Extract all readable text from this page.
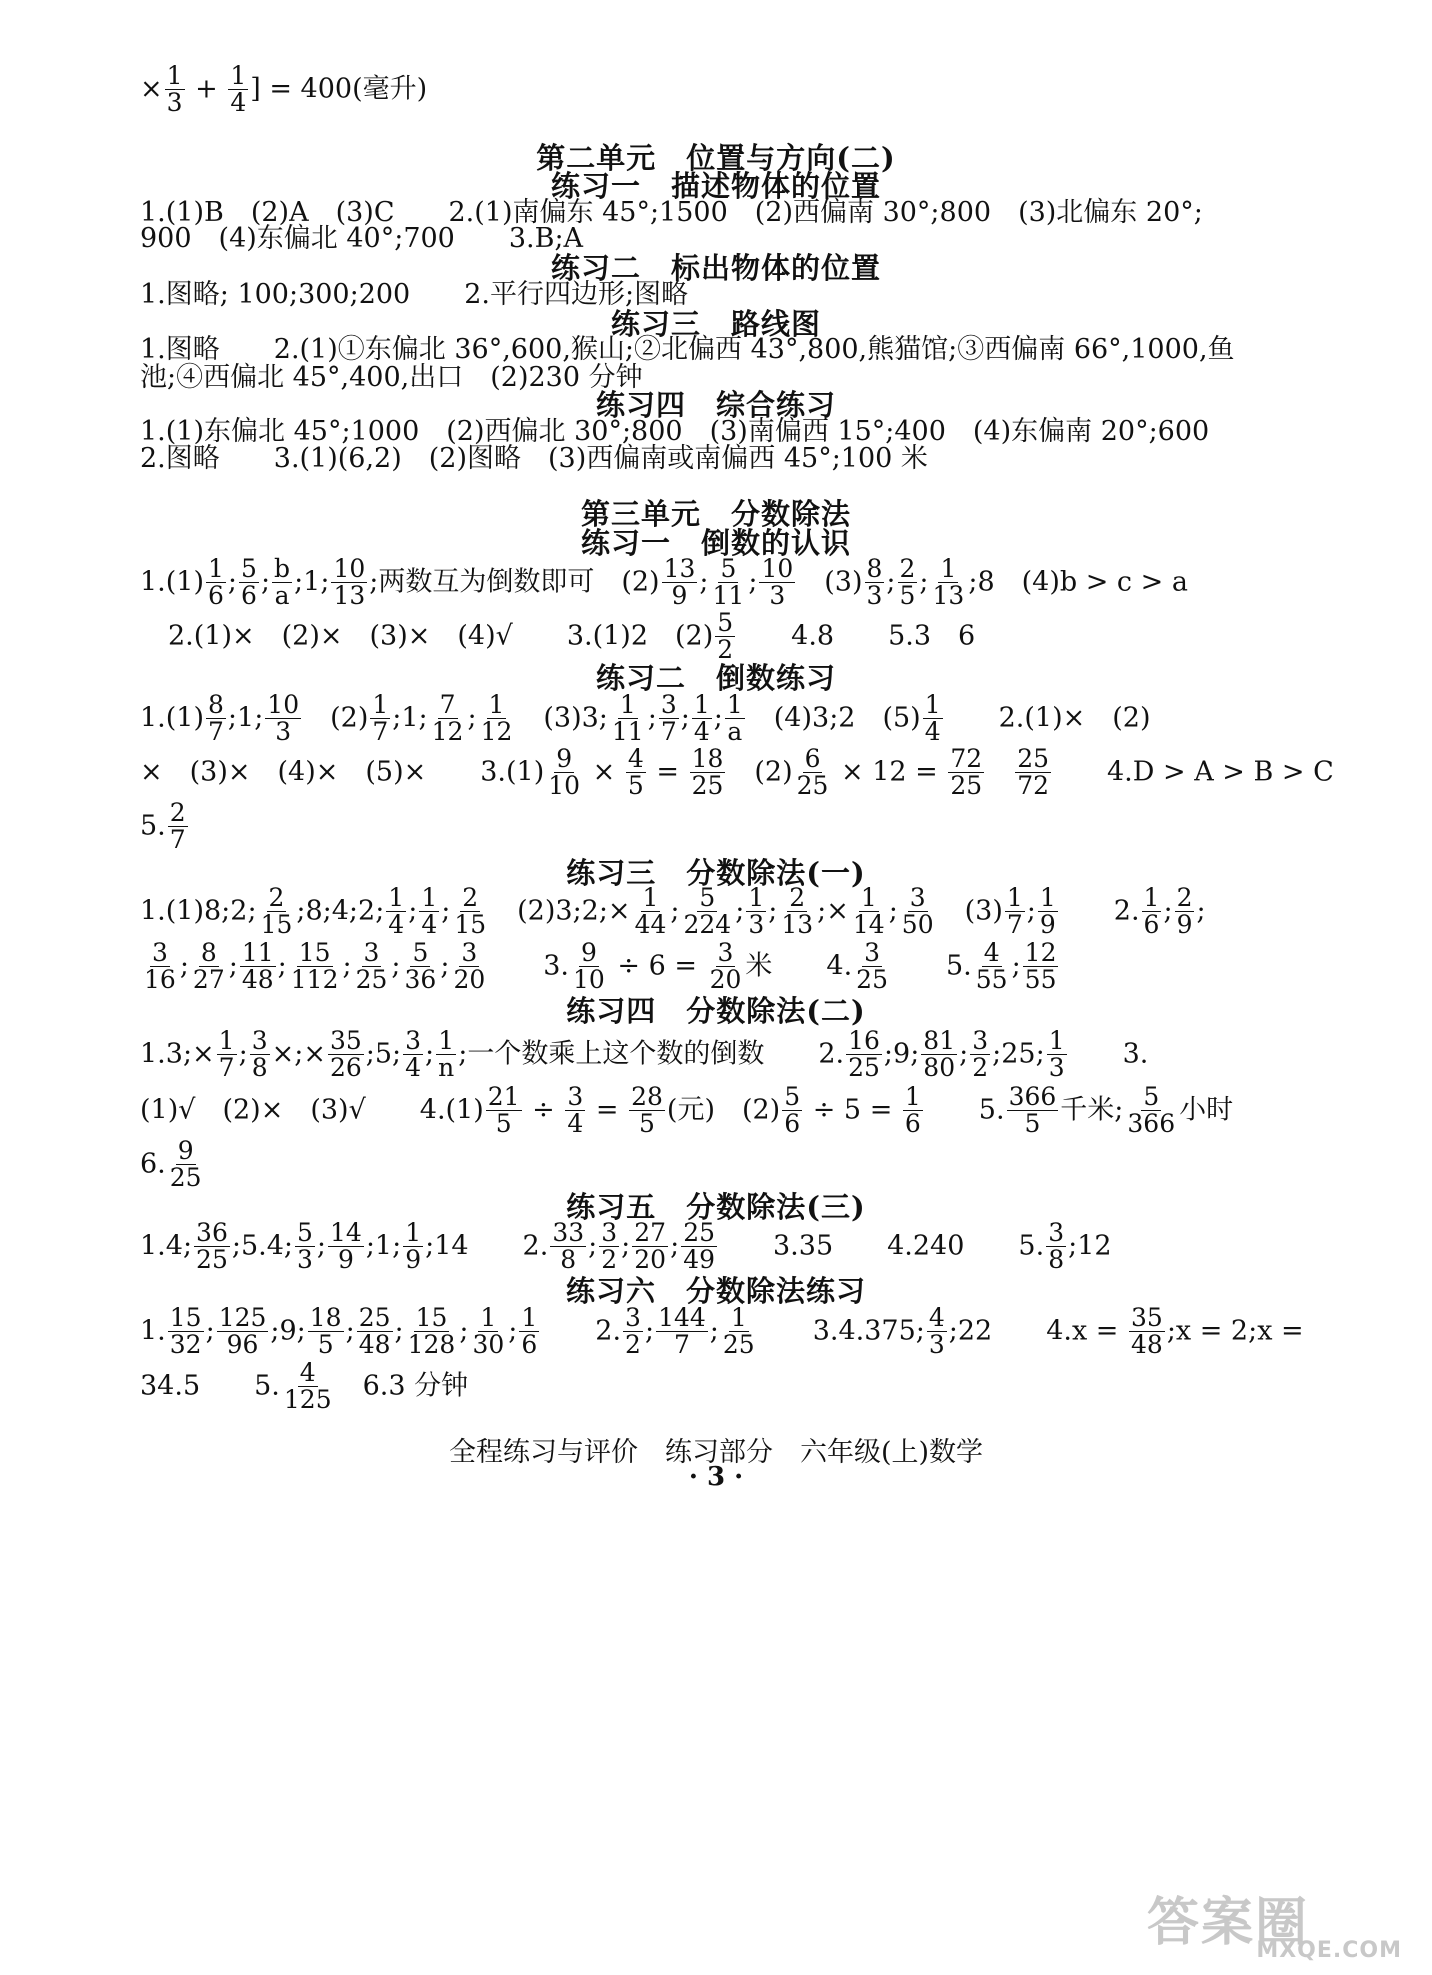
× $\frac{1}{3} + \frac{1}{4}$ ] = 400(毫升)
第二单元　位置与方向(二)
练习一　描述物体的位置
1.(1)B　(2)A　(3)C　　2.(1)南偏东 45°;1500　(2)西偏南 30°;800　(3)北偏东 20°;
900　(4)东偏北 40°;700　　3.B;A
练习二　标出物体的位置
1.图略; 100;300;200　　2.平行四边形;图略
练习三　路线图
1.图略　　2.(1)①东偏北 36°,600,猴山;②北偏西 43°,800,熊猫馆;③西偏南 66°,1000,鱼
池;④西偏北 45°,400,出口　(2)230 分钟
练习四　综合练习
1.(1)东偏北 45°;1000　(2)西偏北 30°;800　(3)南偏西 15°;400　(4)东偏南 20°;600
2.图略　　3.(1)(6,2)　(2)图略　(3)西偏南或南偏西 45°;100 米
第三单元　分数除法
练习一　倒数的认识
$1.(1) \frac{1}{6}$ ; $\frac{5}{6}$ ; $\frac{b}{a}$ ;1; $\frac{10}{13}$ ;两数互为倒数即可　$(2) \frac{13}{9}$ ; $\frac{5}{11}$ ; $\frac{10}{3}$ 　$(3) \frac{8}{3}$ ; $\frac{2}{5}$ ; $\frac{1}{13}$ ;8　(4)b > c > a
2.(1)×　(2)×　(3)×　(4)√　　3.(1)2　$(2) \frac{5}{2}$ 　　4.8　　5.3　6
练习二　倒数练习
$1.(1) \frac{8}{7}$ ;1; $\frac{10}{3}$ 　$(2) \frac{1}{7}$ ;1; $\frac{7}{12}$ ; $\frac{1}{12}$ 　(3)3; $\frac{1}{11}$ ; $\frac{3}{7}$ ; $\frac{1}{4}$ ; $\frac{1}{a}$ 　(4)3;2　$(5) \frac{1}{4}$ 　　2.(1)×　(2)
×　(3)×　(4)×　(5)×　　$3.(1) \frac{9}{10} \times \frac{4}{5} = \frac{18}{25}$ 　$(2) \frac{6}{25} \times 12 = \frac{72}{25}$
　 $\frac{25}{72}$ 　　4.D > A > B > C
5. $\frac{2}{7}$
练习三　分数除法(一)
1.(1)8;2; $\frac{2}{15}$ ;8;4;2; $\frac{1}{4}$ ; $\frac{1}{4}$ ; $\frac{2}{15}$ 　(2)3;2;× $\frac{1}{44}$ ; $\frac{5}{224}$ ; $\frac{1}{3}$ ; $\frac{2}{13}$ ;× $\frac{1}{14}$ ; $\frac{3}{50}$ 　$(3) \frac{1}{7}$ ; $\frac{1}{9}$ 　　2. $\frac{1}{6}$ ; $\frac{2}{9}$ ;
$\frac{3}{16}$ ; $\frac{8}{27}$ ; $\frac{11}{48}$ ; $\frac{15}{112}$ ; $\frac{3}{25}$ ; $\frac{5}{36}$ ; $\frac{3}{20}$ 　　3. $\frac{9}{10} \div 6 = \frac{3}{20}$ 米　　4. $\frac{3}{25}$ 　　5. $\frac{4}{55}$ ; $\frac{12}{55}$
练习四　分数除法(二)
1.3;× $\frac{1}{7}$ ; $\frac{3}{8}$ ×;× $\frac{35}{26}$ ;5; $\frac{3}{4}$ ; $\frac{1}{n}$ ;一个数乘上这个数的倒数　　2. $\frac{16}{25}$ ;9; $\frac{81}{80}$ ; $\frac{3}{2}$ ;25; $\frac{1}{3}$ 　　3.
(1)√　(2)×　(3)√　　$4.(1) \frac{21}{5} \div \frac{3}{4} = \frac{28}{5}$ (元)　$(2) \frac{5}{6} \div 5 = \frac{1}{6}$ 　　5. $\frac{366}{5}$ 千米; $\frac{5}{366}$ 小时
6. $\frac{9}{25}$
练习五　分数除法(三)
1.4; $\frac{36}{25}$ ;5.4; $\frac{5}{3}$ ; $\frac{14}{9}$ ;1; $\frac{1}{9}$ ;14　　2. $\frac{33}{8}$ ; $\frac{3}{2}$ ; $\frac{27}{20}$ ; $\frac{25}{49}$ 　　3.35　　4.240　　5. $\frac{3}{8}$ ;12
练习六　分数除法练习
1. $\frac{15}{32}$ ; $\frac{125}{96}$ ;9; $\frac{18}{5}$ ; $\frac{25}{48}$ ; $\frac{15}{128}$ ; $\frac{1}{30}$ ; $\frac{1}{6}$ 　　2. $\frac{3}{2}$ ; $\frac{144}{7}$ ; $\frac{1}{25}$ 　　3.4.375; $\frac{4}{3}$ ;22　　$4.x = \frac{35}{48}$ ;x = 2;x =
34.5　　5. $\frac{4}{125}$ 　6.3 分钟
全程练习与评价　练习部分　六年级(上)数学
· 3 ·
答案圈
MXQE.COM
